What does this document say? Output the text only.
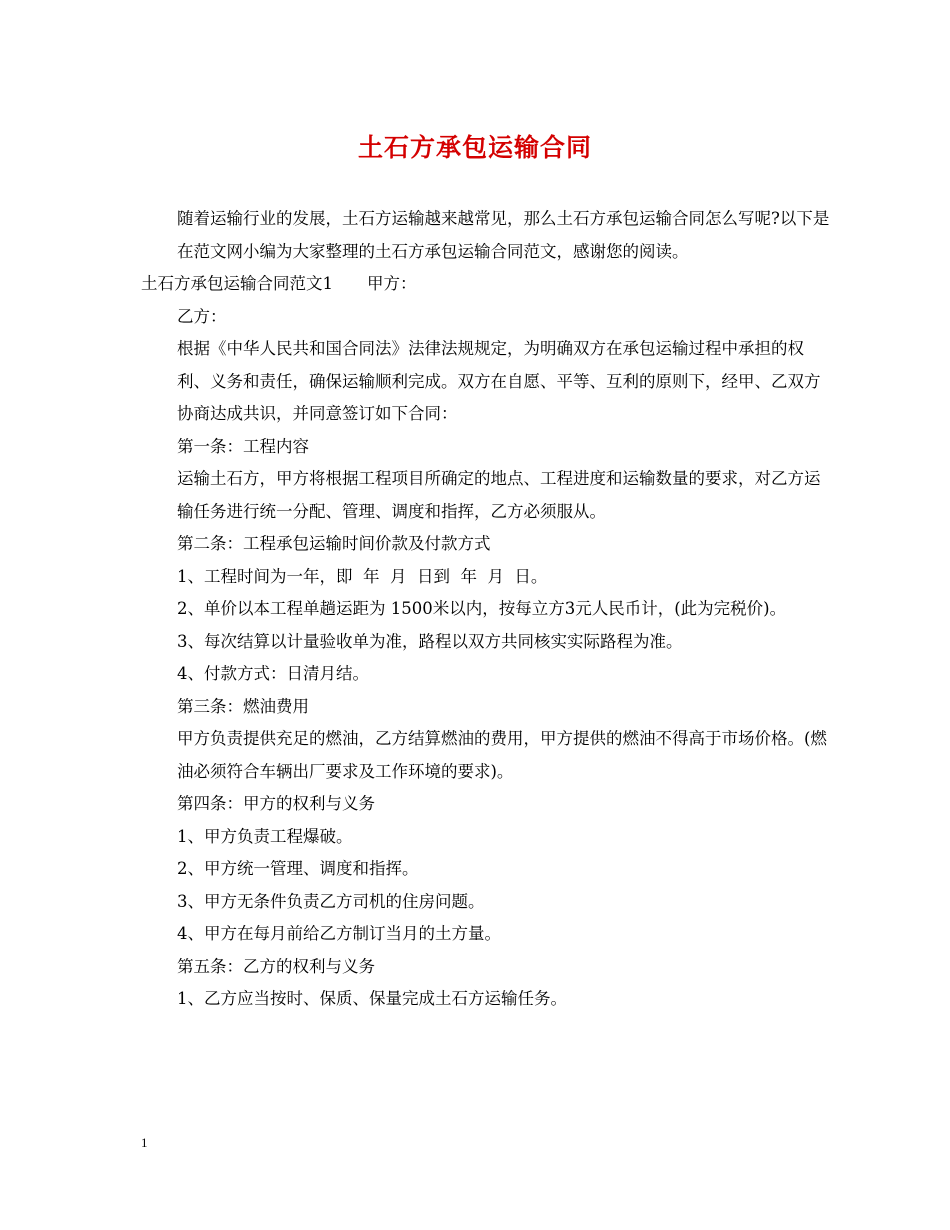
土石方承包运输合同

随着运输行业的发展，土石方运输越来越常见，那么土石方承包运输合同怎么写呢?以下是在范文网小编为大家整理的土石方承包运输合同范文，感谢您的阅读。

土石方承包运输合同范文1 甲方：

乙方：

根据《中华人民共和国合同法》法律法规规定，为明确双方在承包运输过程中承担的权利、义务和责任，确保运输顺利完成。双方在自愿、平等、互利的原则下，经甲、乙双方协商达成共识，并同意签订如下合同：

第一条：工程内容

运输土石方，甲方将根据工程项目所确定的地点、工程进度和运输数量的要求，对乙方运输任务进行统一分配、管理、调度和指挥，乙方必须服从。

第二条：工程承包运输时间价款及付款方式

1、工程时间为一年，即  年  月  日到  年  月  日。

2、单价以本工程单趟运距为 1500米以内，按每立方3元人民币计，(此为完税价)。

3、每次结算以计量验收单为准，路程以双方共同核实实际路程为准。

4、付款方式：日清月结。

第三条：燃油费用

甲方负责提供充足的燃油，乙方结算燃油的费用，甲方提供的燃油不得高于市场价格。(燃油必须符合车辆出厂要求及工作环境的要求)。

第四条：甲方的权利与义务

1、甲方负责工程爆破。

2、甲方统一管理、调度和指挥。

3、甲方无条件负责乙方司机的住房问题。

4、甲方在每月前给乙方制订当月的土方量。

第五条：乙方的权利与义务

1、乙方应当按时、保质、保量完成土石方运输任务。

1
